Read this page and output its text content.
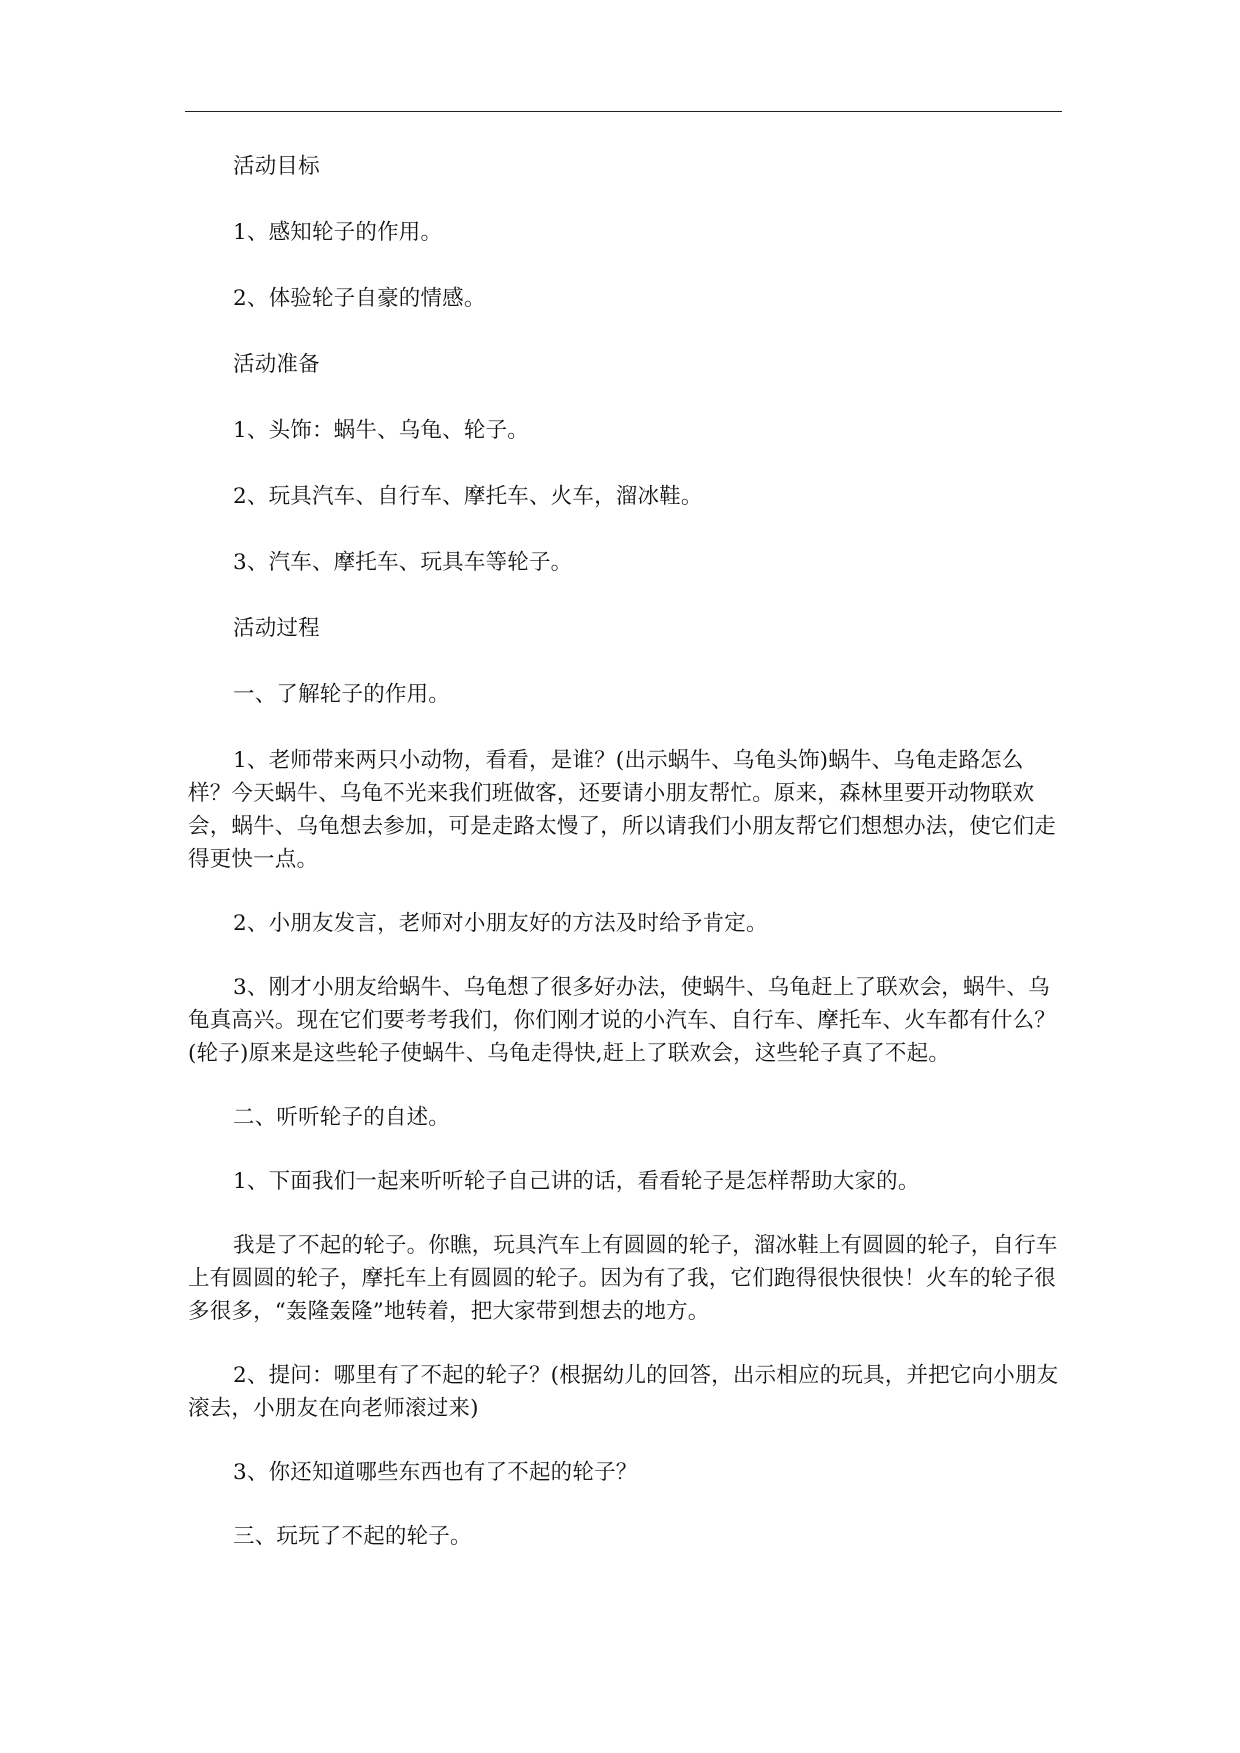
活动目标

1、感知轮子的作用。

2、体验轮子自豪的情感。

活动准备

1、头饰：蜗牛、乌龟、轮子。

2、玩具汽车、自行车、摩托车、火车，溜冰鞋。

3、汽车、摩托车、玩具车等轮子。

活动过程

一、了解轮子的作用。

1、老师带来两只小动物，看看，是谁？(出示蜗牛、乌龟头饰)蜗牛、乌龟走路怎么样？今天蜗牛、乌龟不光来我们班做客，还要请小朋友帮忙。原来，森林里要开动物联欢会，蜗牛、乌龟想去参加，可是走路太慢了，所以请我们小朋友帮它们想想办法，使它们走得更快一点。

2、小朋友发言，老师对小朋友好的方法及时给予肯定。

3、刚才小朋友给蜗牛、乌龟想了很多好办法，使蜗牛、乌龟赶上了联欢会，蜗牛、乌龟真高兴。现在它们要考考我们，你们刚才说的小汽车、自行车、摩托车、火车都有什么？(轮子)原来是这些轮子使蜗牛、乌龟走得快,赶上了联欢会，这些轮子真了不起。

二、听听轮子的自述。

1、下面我们一起来听听轮子自己讲的话，看看轮子是怎样帮助大家的。

我是了不起的轮子。你瞧，玩具汽车上有圆圆的轮子，溜冰鞋上有圆圆的轮子，自行车上有圆圆的轮子，摩托车上有圆圆的轮子。因为有了我，它们跑得很快很快！火车的轮子很多很多，“轰隆轰隆”地转着，把大家带到想去的地方。

2、提问：哪里有了不起的轮子？(根据幼儿的回答，出示相应的玩具，并把它向小朋友滚去，小朋友在向老师滚过来)

3、你还知道哪些东西也有了不起的轮子？

三、玩玩了不起的轮子。
